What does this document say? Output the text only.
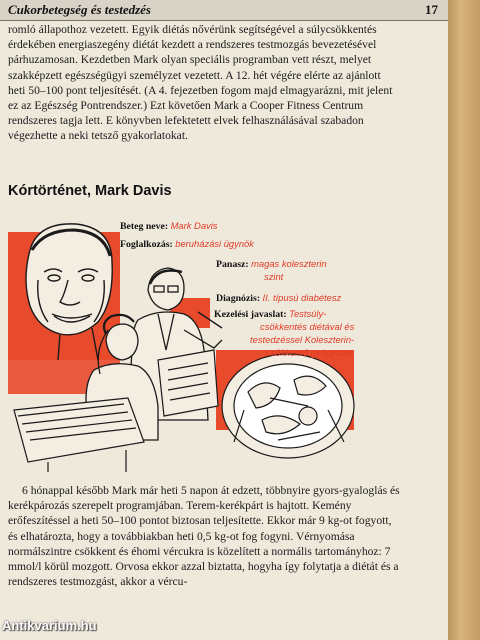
Cukorbetegség és testedzés	17

romló állapothoz vezetett. Egyik diétás nővérünk segítségével a súlycsökkentés érdekében energiaszegény diétát kezdett a rendszeres testmozgás bevezetésével párhuzamosan. Kezdetben Mark olyan speciális programban vett részt, melyet szakképzett egészségügyi személyzet vezetett. A 12. hét végére elérte az ajánlott heti 50–100 pont teljesítését. (A 4. fejezetben fogom majd elmagyarázni, mit jelent ez az Egészség Pontrendszer.) Ezt követően Mark a Cooper Fitness Centrum rendszeres tagja lett. E könyvben lefektetett elvek felhasználásával szabadon végezhette a neki tetsző gyakorlatokat.

Kórtörténet, Mark Davis
Beteg neve: Mark Davis
Foglalkozás: beruházási ügynök
Panasz: magas koleszterin
szint
Diagnózis: II. típusú diabétesz
Kezelési javaslat: Testsúly-
csökkentés diétával és
testedzéssel Koleszterin-
csökkentő gyógyszer

6 hónappal később Mark már heti 5 napon át edzett, többnyire gyors-gyaloglás és kerékpározás szerepelt programjában. Terem-kerékpárt is hajtott. Kemény erőfeszítéssel a heti 50–100 pontot biztosan teljesítette. Ekkor már 9 kg-ot fogyott, és elhatározta, hogy a továbbiakban heti 0,5 kg-ot fog fogyni. Vérnyomása normálszintre csökkent és éhomi vércukra is közelített a normális tartományhoz: 7 mmol/l körül mozgott. Orvosa ekkor azzal biztatta, hogyha így folytatja a diétát és a rendszeres testmozgást, akkor a vércu-

Antikvarium.hu
